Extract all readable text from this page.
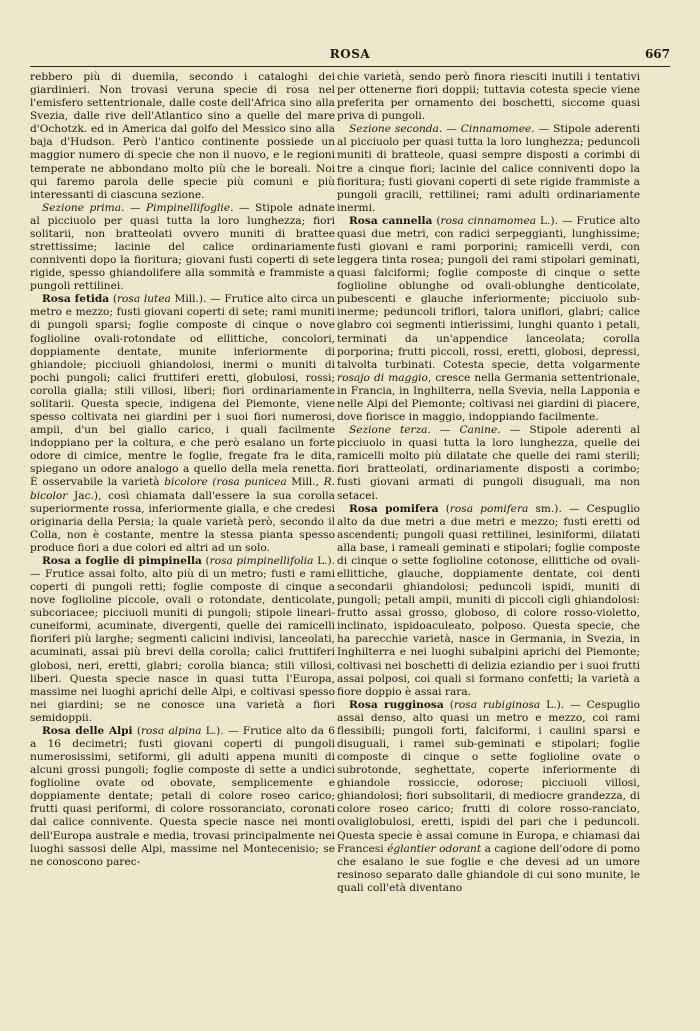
ROSA	667

rebbero più di duemila, secondo i cataloghi dei giardinieri. Non trovasi veruna specie di rosa nel l'emisfero settentrionale, dalle coste dell'Africa sino alla Svezia, dalle rive dell'Atlantico sino a quelle del mare d'Ochotzk. ed in America dal golfo del Messico sino alla baja d'Hudson. Però l'antico continente possiede un maggior numero di specie che non il nuovo, e le regioni temperate ne abbondano molto più che le boreali. Noi qui faremo parola delle specie più comuni e più interessanti di ciascuna sezione.

Sezione prima. — Pimpinellifoglie. — Stipole adnate al picciuolo per quasi tutta la loro lunghezza; fiori solitarii, non bratteolati ovvero muniti di brattee strettissime; lacinie del calice ordinariamente conniventi dopo la fioritura; giovani fusti coperti di sete rigide, spesso ghiandolifere alla sommità e frammiste a pungoli rettilinei.

Rosa fetida (rosa lutea Mill.). — Frutice alto circa un metro e mezzo; fusti giovani coperti di sete; rami muniti di pungoli sparsi; foglie composte di cinque o nove foglioline ovali-rotondate od ellittiche, concolori, doppiamente dentate, munite inferiormente di ghiandole; picciuoli ghiandolosi, inermi o muniti di pochi pungoli; calici fruttiferi eretti, globulosi, rossi; corolla gialla; stili villosi, liberi; fiori ordinariamente solitarii. Questa specie, indigena del Piemonte, viene spesso coltivata nei giardini per i suoi fiori numerosi, ampii, d'un bel giallo carico, i quali facilmente indoppiano per la coltura, e che però esalano un forte odore di cimice, mentre le foglie, fregate fra le dita, spiegano un odore analogo a quello della mela renetta. È osservabile la varietà bicolore (rosa punicea Mill., R. bicolor Jac.), così chiamata dall'essere la sua corolla superiormente rossa, inferiormente gialla, e che credesi originaria della Persia; la quale varietà però, secondo il Colla, non è costante, mentre la stessa pianta spesso produce fiori a due colori ed altri ad un solo.

Rosa a foglie di pimpinella (rosa pimpinellifolia L.). — Frutice assai folto, alto più di un metro; fusti e rami coperti di pungoli retti; foglie composte di cinque a nove foglioline piccole, ovali o rotondate, denticolate, subcoriacee; picciuoli muniti di pungoli; stipole lineari-cuneiformi, acuminate, divergenti, quelle dei ramicelli fioriferi più larghe; segmenti calicini indivisi, lanceolati, acuminati, assai più brevi della corolla; calici fruttiferi globosi, neri, eretti, glabri; corolla bianca; stili villosi, liberi. Questa specie nasce in quasi tutta l'Europa, massime nei luoghi aprichi delle Alpi, e coltivasi spesso nei giardini; se ne conosce una varietà a fiori semidoppii.

Rosa delle Alpi (rosa alpina L.). — Frutice alto da 6 a 16 decimetri; fusti giovani coperti di pungoli numerosissimi, setiformi, gli adulti appena muniti di alcuni grossi pungoli; foglie composte di sette a undici foglioline ovate od obovate, semplicemente e doppiamente dentate; petali di colore roseo carico; frutti quasi periformi, di colore rossoranciato, coronati dal calice connivente. Questa specie nasce nei monti dell'Europa australe e media, trovasi principalmente nei luoghi sassosi delle Alpi, massime nel Montecenisio; se ne conoscono parec-

chie varietà, sendo però finora riesciti inutili i tentativi per ottenerne fiori doppii; tuttavia cotesta specie viene preferita per ornamento dei boschetti, siccome quasi priva di pungoli.

Sezione seconda. — Cinnamomee. — Stipole aderenti al picciuolo per quasi tutta la loro lunghezza; peduncoli muniti di bratteole, quasi sempre disposti a corimbi di tre a cinque fiori; lacinie del calice conniventi dopo la fioritura; fusti giovani coperti di sete rigide frammiste a pungoli gracili, rettilinei; rami adulti ordinariamente inermi.

Rosa cannella (rosa cinnamomea L.). — Frutice alto quasi due metri, con radici serpeggianti, lunghissime; fusti giovani e rami porporini; ramicelli verdi, con leggera tinta rosea; pungoli dei rami stipolari geminati, quasi falciformi; foglie composte di cinque o sette foglioline oblunghe od ovali-oblunghe denticolate, pubescenti e glauche inferiormente; picciuolo sub-inerme; peduncoli triflori, talora uniflori, glabri; calice glabro coi segmenti intierissimi, lunghi quanto i petali, terminati da un'appendice lanceolata; corolla porporina; frutti piccoli, rossi, eretti, globosi, depressi, talvolta turbinati. Cotesta specie, detta volgarmente rosajo di maggio, cresce nella Germania settentrionale, in Francia, in Inghilterra, nella Svevia, nella Lapponia e nelle Alpi del Piemonte; coltivasi nei giardini di piacere, dove fiorisce in maggio, indoppiando facilmente.

Sezione terza. — Canine. — Stipole aderenti al picciuolo in quasi tutta la loro lunghezza, quelle dei ramicelli molto più dilatate che quelle dei rami sterili; fiori bratteolati, ordinariamente disposti a corimbo; fusti giovani armati di pungoli disuguali, ma non setacei.

Rosa pomifera (rosa pomifera sm.). — Cespuglio alto da due metri a due metri e mezzo; fusti eretti od ascendenti; pungoli quasi rettilinei, lesiniformi, dilatati alla base, i rameali geminati e stipolari; foglie composte di cinque o sette foglioline cotonose, ellittiche od ovali-ellittiche, glauche, doppiamente dentate, coi denti secondarii ghiandolosi; peduncoli ispidi, muniti di pungoli; petali ampii, muniti di piccoli cigli ghiandolosi: frutto assai grosso, globoso, di colore rosso-violetto, inclinato, ispidoaculeato, polposo. Questa specie, che ha parecchie varietà, nasce in Germania, in Svezia, in Inghilterra e nei luoghi subalpini aprichi del Piemonte; coltivasi nei boschetti di delizia eziandio per i suoi frutti assai polposi, coi quali si formano confetti; la varietà a fiore doppio è assai rara.

Rosa rugginosa (rosa rubiginosa L.). — Cespuglio assai denso, alto quasi un metro e mezzo, coi rami flessibili; pungoli forti, falciformi, i caulini sparsi e disuguali, i ramei sub-geminati e stipolari; foglie composte di cinque o sette foglioline ovate o subrotonde, seghettate, coperte inferiormente di ghiandole rossiccie, odorose; picciuoli villosi, ghiandolosi; fiori subsolitarii, di mediocre grandezza, di colore roseo carico; frutti di colore rosso-ranciato, ovaliglobulosi, eretti, ispidi del pari che i peduncoli. Questa specie è assai comune in Europa, e chiamasi dai Francesi églantier odorant a cagione dell'odore di pomo che esalano le sue foglie e che devesi ad un umore resinoso separato dalle ghiandole di cui sono munite, le quali coll'età diventano
